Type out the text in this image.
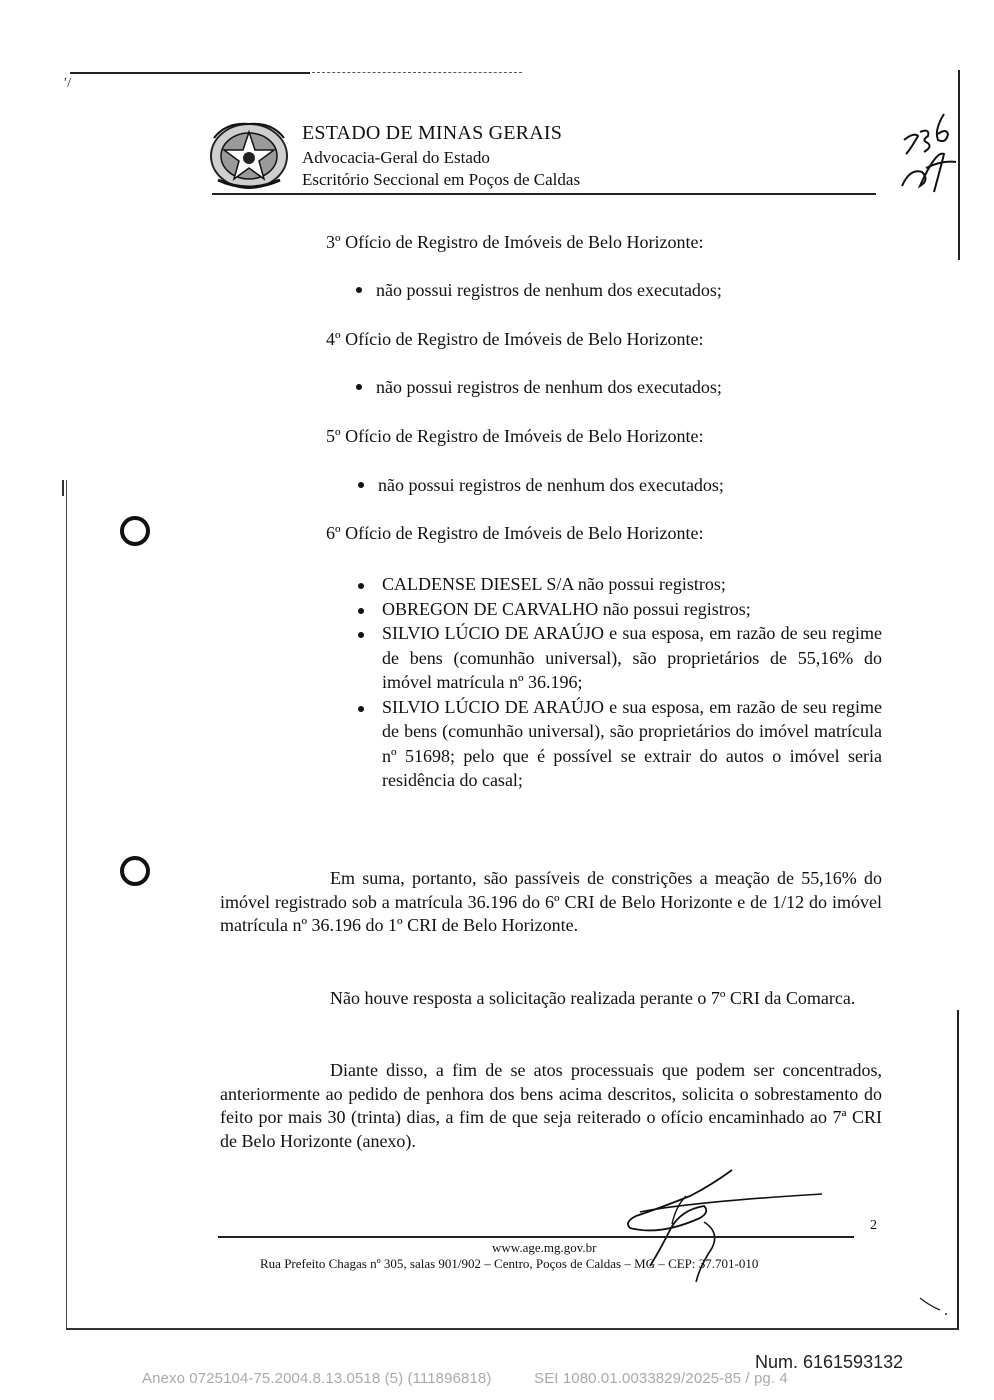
ʹ/
ESTADO DE MINAS GERAIS
Advocacia-Geral do Estado
Escritório Seccional em Poços de Caldas
3º Ofício de Registro de Imóveis de Belo Horizonte:
não possui registros de nenhum dos executados;
4º Ofício de Registro de Imóveis de Belo Horizonte:
não possui registros de nenhum dos executados;
5º Ofício de Registro de Imóveis de Belo Horizonte:
não possui registros de nenhum dos executados;
6º Ofício de Registro de Imóveis de Belo Horizonte:
CALDENSE DIESEL S/A não possui registros;
OBREGON DE CARVALHO não possui registros;
SILVIO LÚCIO DE ARAÚJO e sua esposa, em razão de seu regime de bens (comunhão universal), são proprietários de 55,16% do imóvel matrícula nº 36.196;
SILVIO LÚCIO DE ARAÚJO e sua esposa, em razão de seu regime de bens (comunhão universal), são proprietários do imóvel matrícula nº 51698; pelo que é possível se extrair do autos o imóvel seria residência do casal;
Em suma, portanto, são passíveis de constrições a meação de 55,16% do imóvel registrado sob a matrícula 36.196 do 6º CRI de Belo Horizonte e de 1/12 do imóvel matrícula nº 36.196 do 1º CRI de Belo Horizonte.
Não houve resposta a solicitação realizada perante o 7º CRI da Comarca.
Diante disso, a fim de se atos processuais que podem ser concentrados, anteriormente ao pedido de penhora dos bens acima descritos, solicita o sobrestamento do feito por mais 30 (trinta) dias, a fim de que seja reiterado o ofício encaminhado ao 7ª CRI de Belo Horizonte (anexo).
2
www.age.mg.gov.br
Rua Prefeito Chagas nº 305, salas 901/902 – Centro, Poços de Caldas – MG – CEP: 37.701-010
Num. 6161593132
Anexo 0725104-75.2004.8.13.0518 (5) (111896818)          SEI 1080.01.0033829/2025-85 / pg. 4
